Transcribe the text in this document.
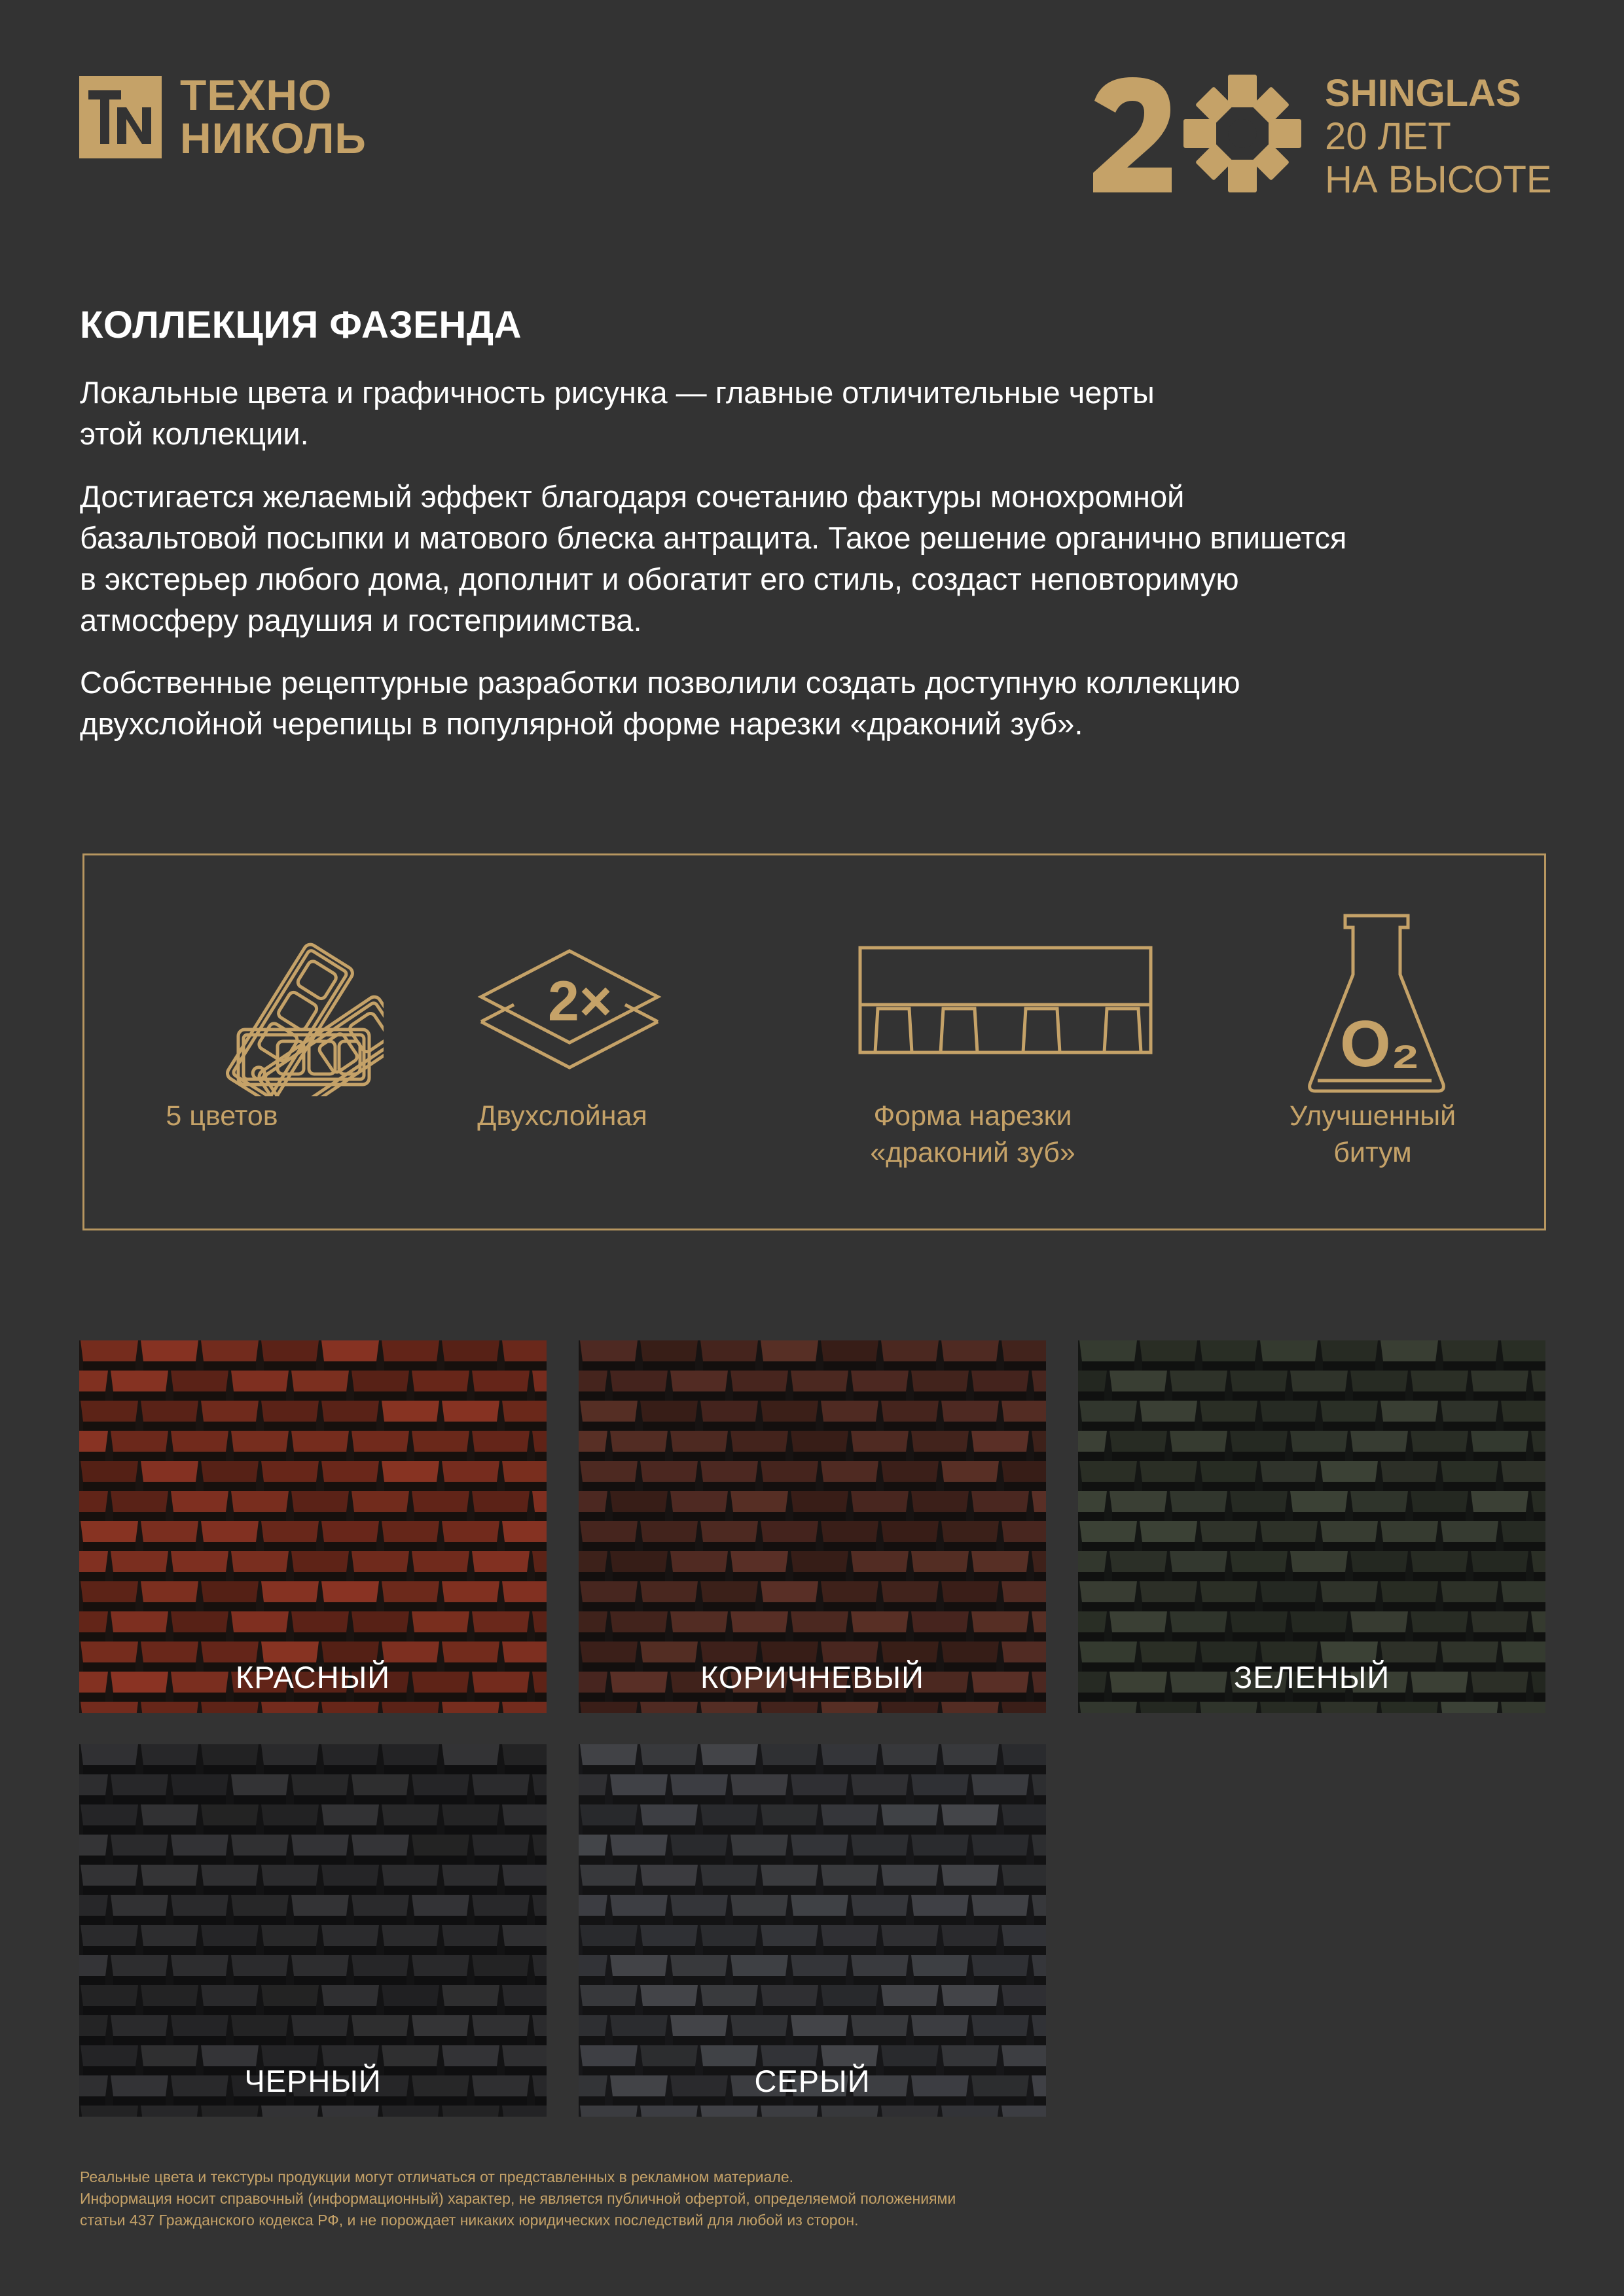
ТЕХНО
НИКОЛЬ
SHINGLAS
20 ЛЕТ
НА ВЫСОТЕ
КОЛЛЕКЦИЯ ФАЗЕНДА

Локальные цвета и графичность рисунка — главные отличительные черты
этой коллекции.

Достигается желаемый эффект благодаря сочетанию фактуры монохромной
базальтовой посыпки и матового блеска антрацита. Такое решение органично впишется
в экстерьер любого дома, дополнит и обогатит его стиль, создаст неповторимую
атмосферу радушия и гостеприимства.

Собственные рецептурные разработки позволили создать доступную коллекцию
двухслойной черепицы в популярной форме нарезки «драконий зуб».

5 цветов
2×
Двухслойная	Форма нарезки
«драконий зуб»
O₂
Улучшенный
битум
КРАСНЫЙ	КОРИЧНЕВЫЙ	ЗЕЛЕНЫЙ
ЧЕРНЫЙ	СЕРЫЙ
Реальные цвета и текстуры продукции могут отличаться от представленных в рекламном материале.
Информация носит справочный (информационный) характер, не является публичной офертой, определяемой положениями
статьи 437 Гражданского кодекса РФ, и не порождает никаких юридических последствий для любой из сторон.
